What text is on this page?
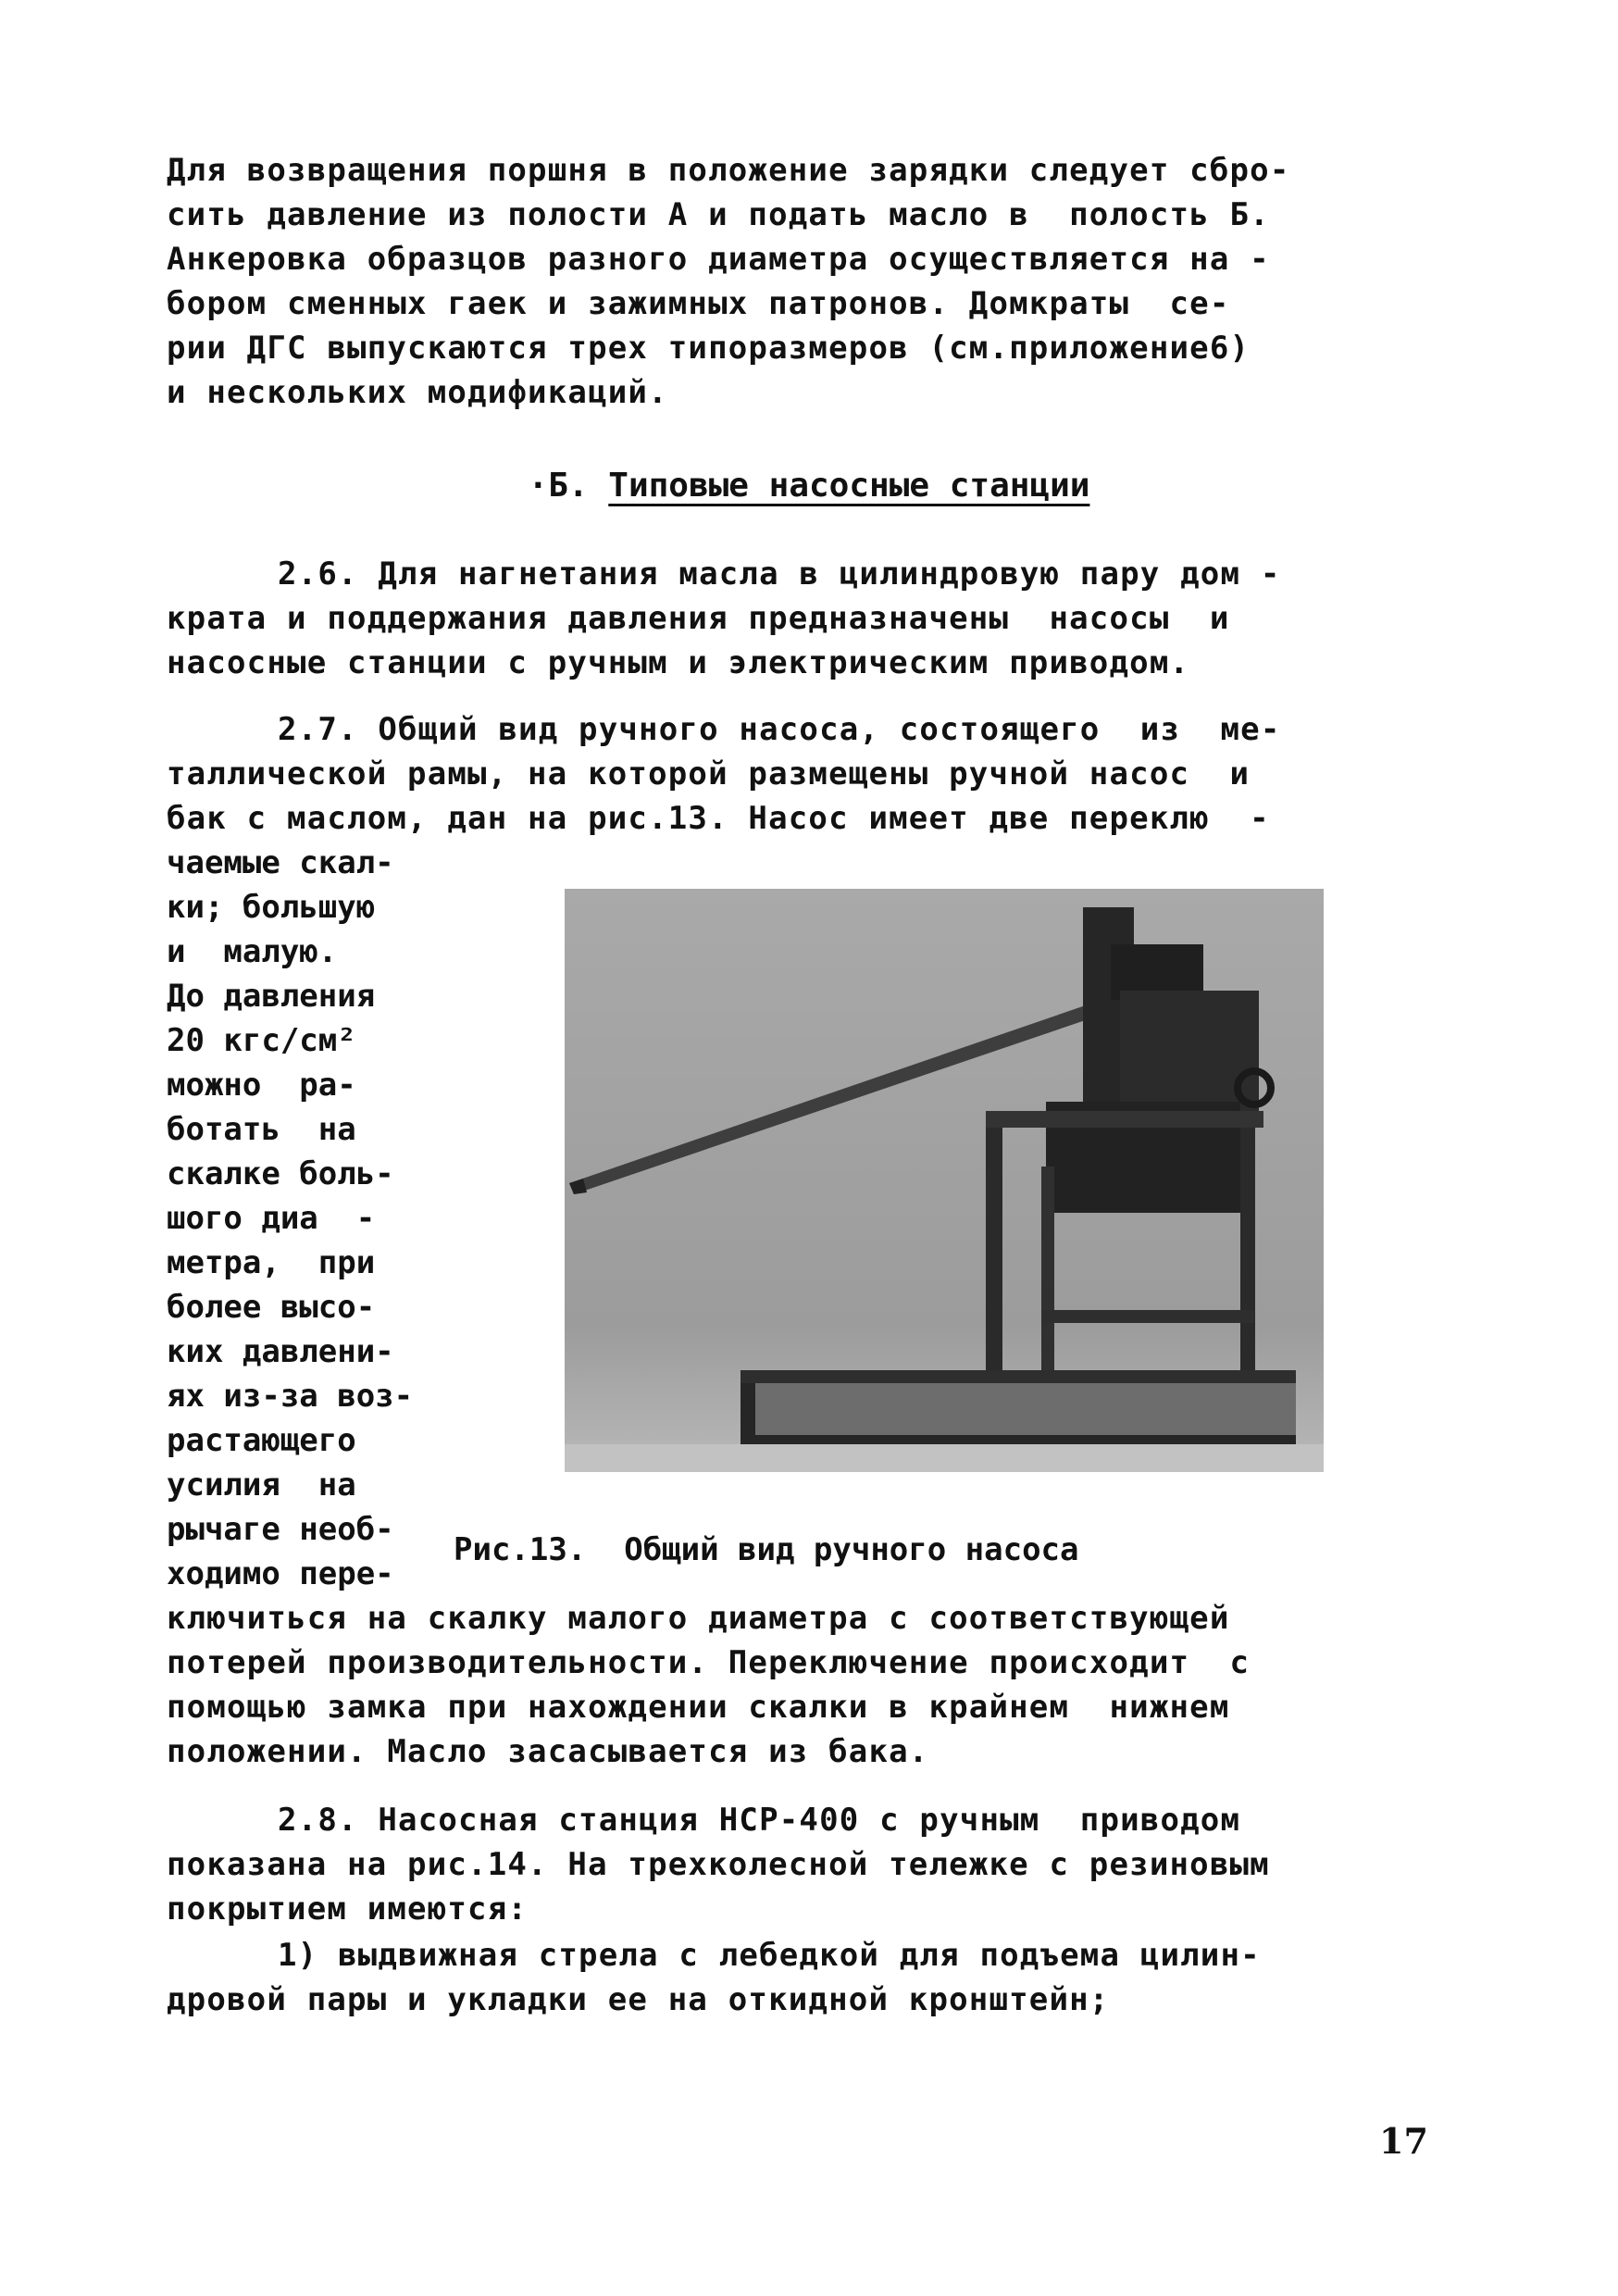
Для возвращения поршня в положение зарядки следует сбро-
сить давление из полости А и подать масло в  полость Б.
Анкеровка образцов разного диаметра осуществляется на -
бором сменных гаек и зажимных патронов. Домкраты  се-
рии ДГС выпускаются трех типоразмеров (см.приложение6)
и нескольких модификаций.
·Б. Типовые насосные станции
2.6. Для нагнетания масла в цилиндровую пару дом -
крата и поддержания давления предназначены  насосы  и
насосные станции с ручным и электрическим приводом.
2.7. Общий вид ручного насоса, состоящего  из  ме-
таллической рамы, на которой размещены ручной насос  и
бак с маслом, дан на рис.13. Насос имеет две переклю  -
чаемые скал-
ки; большую
и  малую.
До давления
20 кгс/см²
можно  ра-
ботать  на
скалке боль-
шого диа  -
метра,  при
более высо-
ких давлени-
ях из-за воз-
растающего
усилия  на
рычаге необ-
ходимо пере-
Рис.13.  Общий вид ручного насоса
ключиться на скалку малого диаметра с соответствующей
потерей производительности. Переключение происходит  с
помощью замка при нахождении скалки в крайнем  нижнем
положении. Масло засасывается из бака.
2.8. Насосная станция НСР-400 с ручным  приводом
показана на рис.14. На трехколесной тележке с резиновым
покрытием имеются:
1) выдвижная стрела с лебедкой для подъема цилин-
дровой пары и укладки ее на откидной кронштейн;
17
